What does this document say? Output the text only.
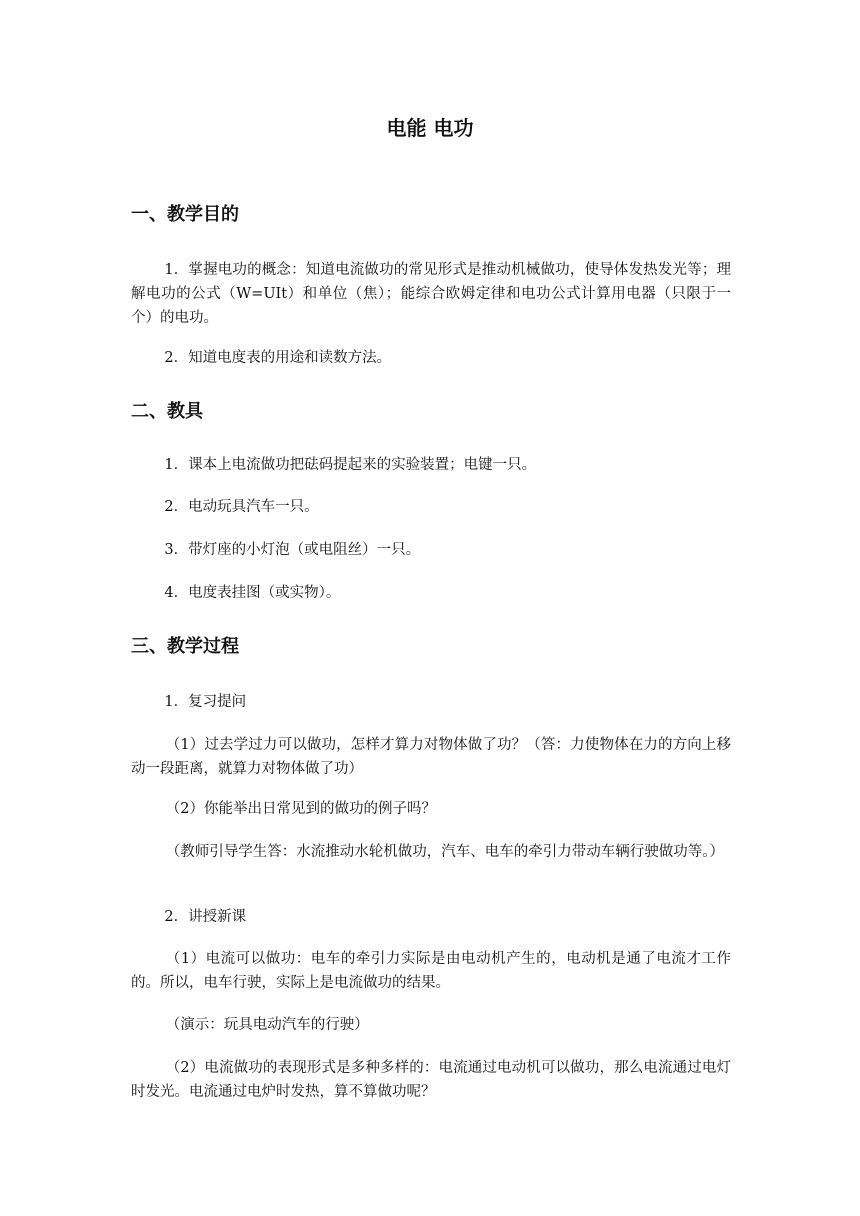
电能 电功
一、教学目的

1．掌握电功的概念：知道电流做功的常见形式是推动机械做功，使导体发热发光等；理解电功的公式（W=UIt）和单位（焦）；能综合欧姆定律和电功公式计算用电器（只限于一个）的电功。

2．知道电度表的用途和读数方法。

二、教具

1．课本上电流做功把砝码提起来的实验装置；电键一只。

2．电动玩具汽车一只。

3．带灯座的小灯泡（或电阻丝）一只。

4．电度表挂图（或实物）。

三、教学过程

1．复习提问

（1）过去学过力可以做功，怎样才算力对物体做了功？（答：力使物体在力的方向上移动一段距离，就算力对物体做了功）

（2）你能举出日常见到的做功的例子吗？

（教师引导学生答：水流推动水轮机做功，汽车、电车的牵引力带动车辆行驶做功等。）

2．讲授新课

（1）电流可以做功：电车的牵引力实际是由电动机产生的，电动机是通了电流才工作的。所以，电车行驶，实际上是电流做功的结果。

（演示：玩具电动汽车的行驶）

（2）电流做功的表现形式是多种多样的：电流通过电动机可以做功，那么电流通过电灯时发光。电流通过电炉时发热，算不算做功呢？
